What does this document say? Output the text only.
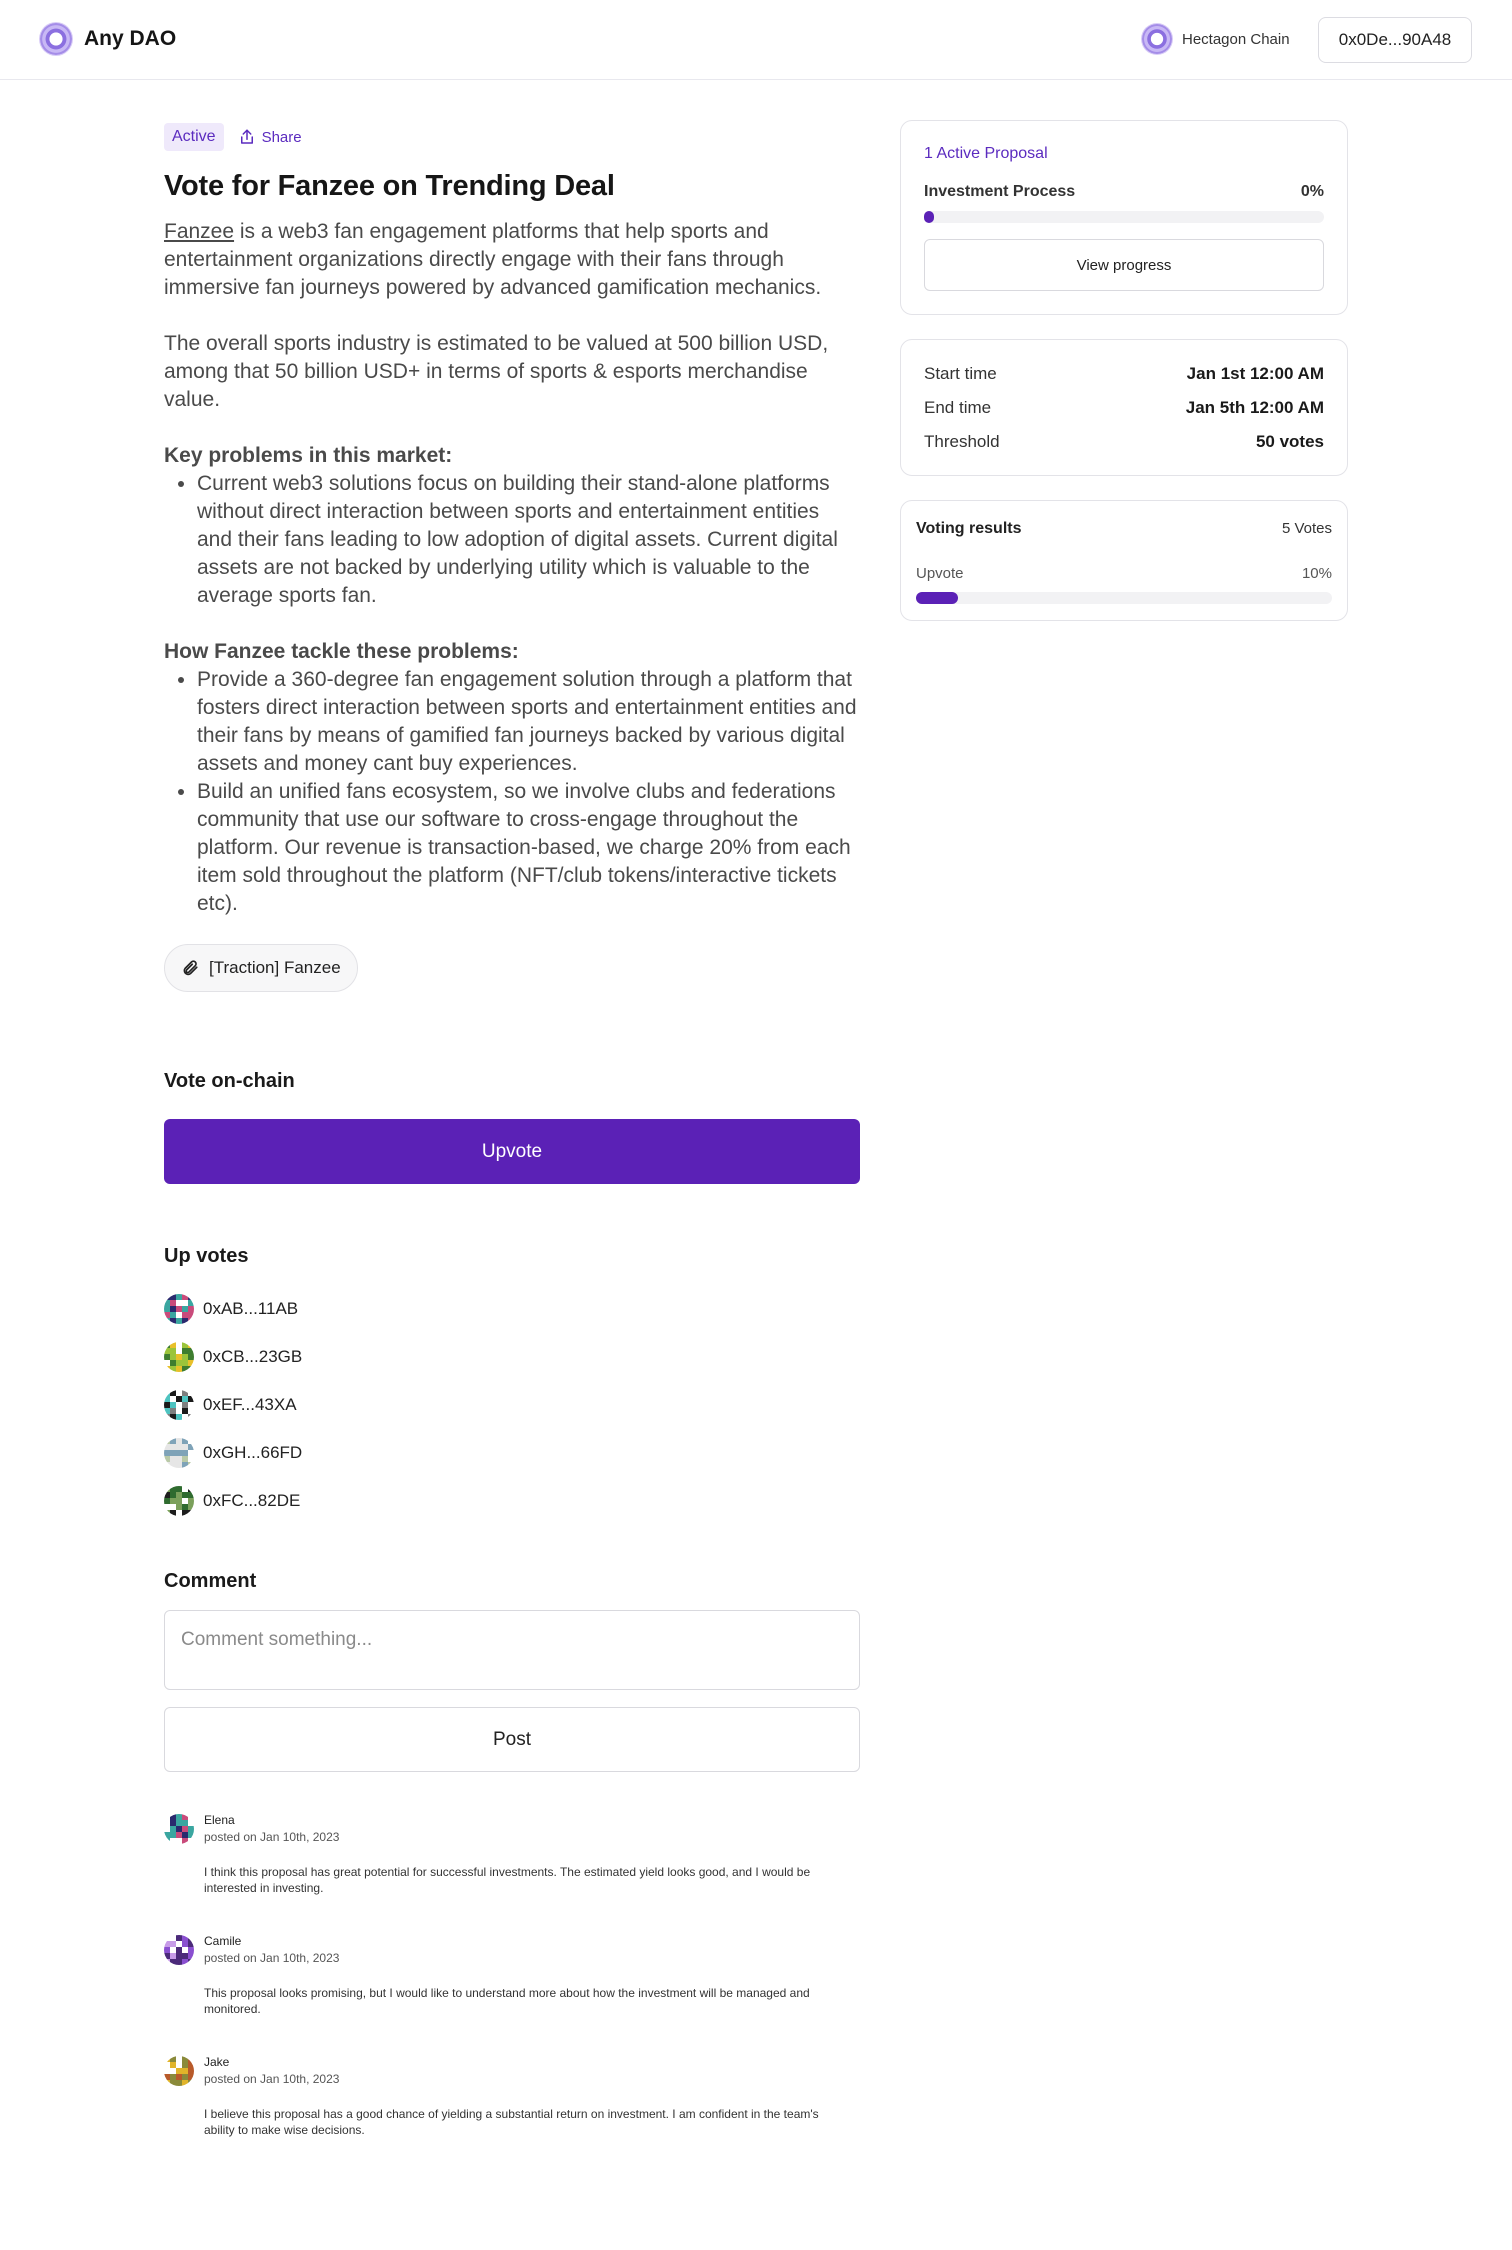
Any DAO	Hectagon Chain	0x0De...90A48
Active	Share
Vote for Fanzee on Trending Deal

Fanzee is a web3 fan engagement platforms that help sports and entertainment organizations directly engage with their fans through immersive fan journeys powered by advanced gamification mechanics.

The overall sports industry is estimated to be valued at 500 billion USD, among that 50 billion USD+ in terms of sports & esports merchandise value.

Key problems in this market:
• Current web3 solutions focus on building their stand-alone platforms without direct interaction between sports and entertainment entities and their fans leading to low adoption of digital assets. Current digital assets are not backed by underlying utility which is valuable to the average sports fan.
How Fanzee tackle these problems:
• Provide a 360-degree fan engagement solution through a platform that fosters direct interaction between sports and entertainment entities and their fans by means of gamified fan journeys backed by various digital assets and money cant buy experiences.
• Build an unified fans ecosystem, so we involve clubs and federations community that use our software to cross-engage throughout the platform. Our revenue is transaction-based, we charge 20% from each item sold throughout the platform (NFT/club tokens/interactive tickets etc).
[Traction] Fanzee
Vote on-chain
Upvote
Up votes
0xAB...11AB
0xCB...23GB
0xEF...43XA
0xGH...66FD
0xFC...82DE
Comment
Comment something...
Post
Elena
posted on Jan 10th, 2023

I think this proposal has great potential for successful investments. The estimated yield looks good, and I would be interested in investing.

Camile
posted on Jan 10th, 2023

This proposal looks promising, but I would like to understand more about how the investment will be managed and monitored.

Jake
posted on Jan 10th, 2023

I believe this proposal has a good chance of yielding a substantial return on investment. I am confident in the team's ability to make wise decisions.

1 Active Proposal
Investment Process	0%
View progress
Start time	Jan 1st 12:00 AM
End time	Jan 5th 12:00 AM
Threshold	50 votes
Voting results	5 Votes
Upvote	10%
